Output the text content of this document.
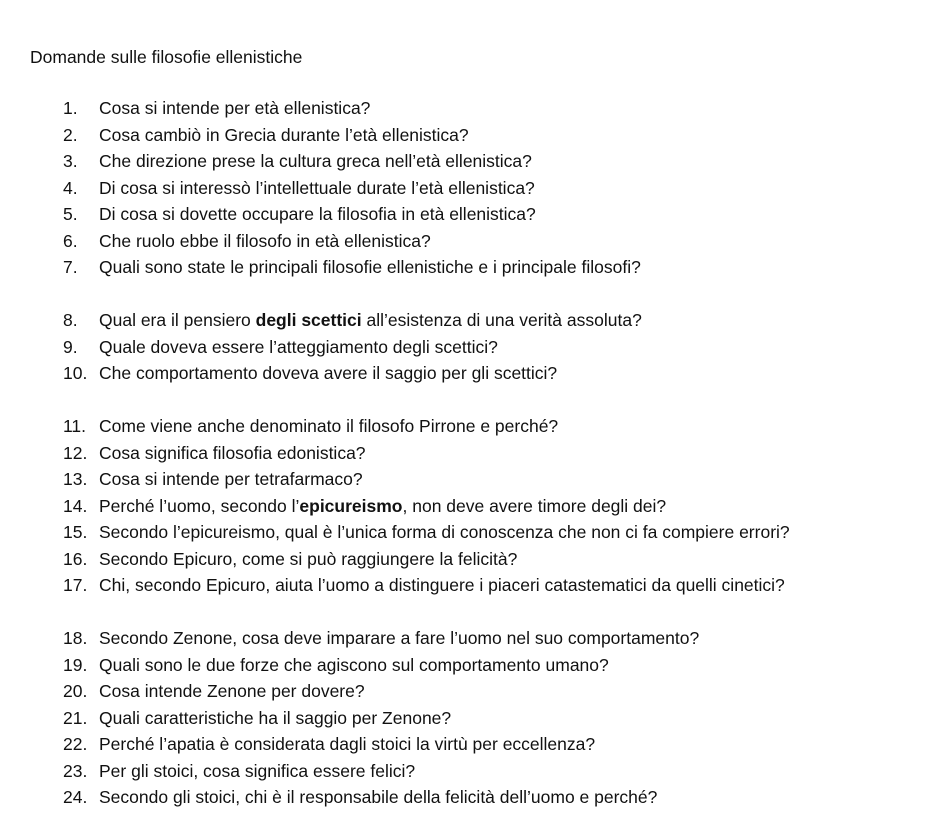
Domande sulle filosofie ellenistiche
1. Cosa si intende per età ellenistica?
2. Cosa cambiò in Grecia durante l’età ellenistica?
3. Che direzione prese la cultura greca nell’età ellenistica?
4. Di cosa si interessò l’intellettuale durate l’età ellenistica?
5. Di cosa si dovette occupare la filosofia in età ellenistica?
6. Che ruolo ebbe il filosofo in età ellenistica?
7. Quali sono state le principali filosofie ellenistiche e i principale filosofi?
8. Qual era il pensiero degli scettici all’esistenza di una verità assoluta?
9. Quale doveva essere l’atteggiamento degli scettici?
10. Che comportamento doveva avere il saggio per gli scettici?
11. Come viene anche denominato il filosofo Pirrone e perché?
12. Cosa significa filosofia edonistica?
13. Cosa si intende per tetrafarmaco?
14. Perché l’uomo, secondo l’epicureismo, non deve avere timore degli dei?
15. Secondo l’epicureismo, qual è l’unica forma di conoscenza che non ci fa compiere errori?
16. Secondo Epicuro, come si può raggiungere la felicità?
17. Chi, secondo Epicuro, aiuta l’uomo a distinguere i piaceri catastematici da quelli cinetici?
18. Secondo Zenone, cosa deve imparare a fare l’uomo nel suo comportamento?
19. Quali sono le due forze che agiscono sul comportamento umano?
20. Cosa intende Zenone per dovere?
21. Quali caratteristiche ha il saggio per Zenone?
22. Perché l’apatia è considerata dagli stoici la virtù per eccellenza?
23. Per gli stoici, cosa significa essere felici?
24. Secondo gli stoici, chi è il responsabile della felicità dell’uomo e perché?
